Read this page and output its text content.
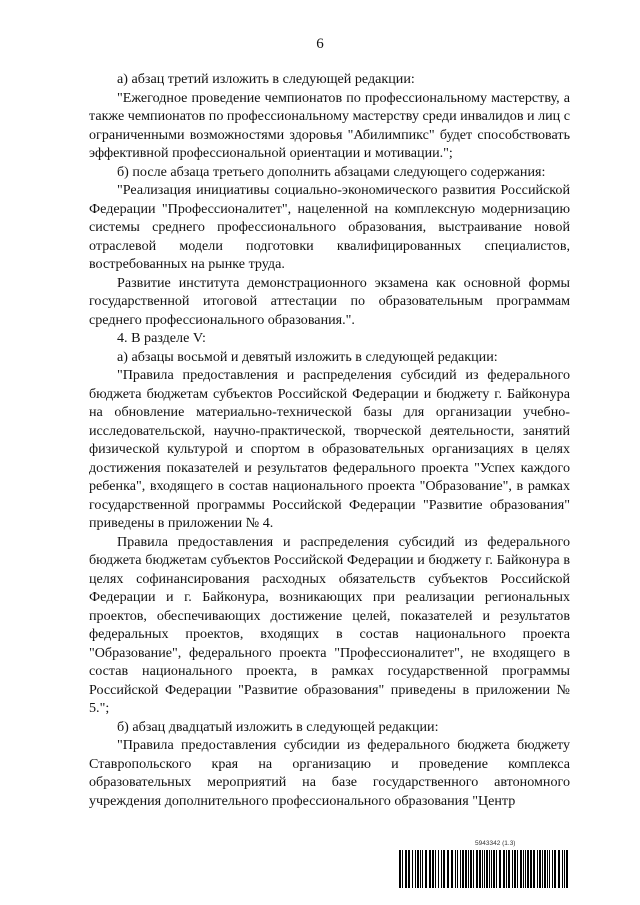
6

а) абзац третий изложить в следующей редакции:

"Ежегодное проведение чемпионатов по профессиональному мастерству, а также чемпионатов по профессиональному мастерству среди инвалидов и лиц с ограниченными возможностями здоровья "Абилимпикс" будет способствовать эффективной профессиональной ориентации и мотивации.";

б) после абзаца третьего дополнить абзацами следующего содержания:

"Реализация инициативы социально-экономического развития Российской Федерации "Профессионалитет", нацеленной на комплексную модернизацию системы среднего профессионального образования, выстраивание новой отраслевой модели подготовки квалифицированных специалистов, востребованных на рынке труда.

Развитие института демонстрационного экзамена как основной формы государственной итоговой аттестации по образовательным программам среднего профессионального образования.".

4. В разделе V:

а) абзацы восьмой и девятый изложить в следующей редакции:

"Правила предоставления и распределения субсидий из федерального бюджета бюджетам субъектов Российской Федерации и бюджету г. Байконура на обновление материально-технической базы для организации учебно-исследовательской, научно-практической, творческой деятельности, занятий физической культурой и спортом в образовательных организациях в целях достижения показателей и результатов федерального проекта "Успех каждого ребенка", входящего в состав национального проекта "Образование", в рамках государственной программы Российской Федерации "Развитие образования" приведены в приложении № 4.

Правила предоставления и распределения субсидий из федерального бюджета бюджетам субъектов Российской Федерации и бюджету г. Байконура в целях софинансирования расходных обязательств субъектов Российской Федерации и г. Байконура, возникающих при реализации региональных проектов, обеспечивающих достижение целей, показателей и результатов федеральных проектов, входящих в состав национального проекта "Образование", федерального проекта "Профессионалитет", не входящего в состав национального проекта, в рамках государственной программы Российской Федерации "Развитие образования" приведены в приложении № 5.";

б) абзац двадцатый изложить в следующей редакции:

"Правила предоставления субсидии из федерального бюджета бюджету Ставропольского края на организацию и проведение комплекса образовательных мероприятий на базе государственного автономного учреждения дополнительного профессионального образования "Центр

5943342 (1.3)
